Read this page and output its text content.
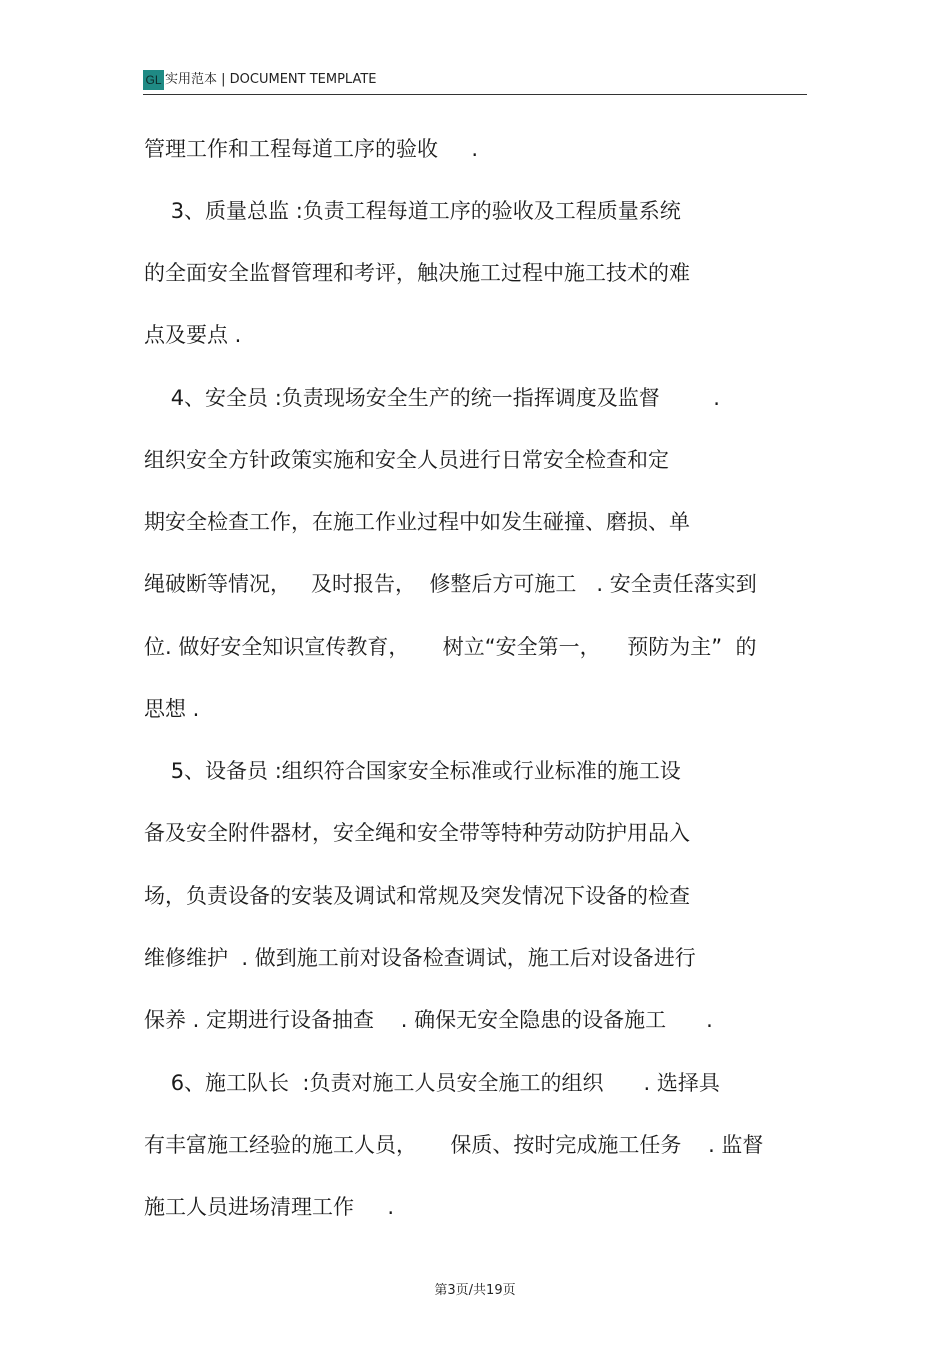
GL 实用范本 | DOCUMENT TEMPLATE
管理工作和工程每道工序的验收     .
3、质量总监 :负责工程每道工序的验收及工程质量系统
的全面安全监督管理和考评，触决施工过程中施工技术的难
点及要点 .
4、安全员 :负责现场安全生产的统一指挥调度及监督        .
组织安全方针政策实施和安全人员进行日常安全检查和定
期安全检查工作，在施工作业过程中如发生碰撞、磨损、单
绳破断等情况，   及时报告，  修整后方可施工   . 安全责任落实到
位. 做好安全知识宣传教育，     树立“安全第一，    预防为主”  的
思想 .
5、设备员 :组织符合国家安全标准或行业标准的施工设
备及安全附件器材，安全绳和安全带等特种劳动防护用品入
场，负责设备的安装及调试和常规及突发情况下设备的检查
维修维护  . 做到施工前对设备检查调试，施工后对设备进行
保养 . 定期进行设备抽查    . 确保无安全隐患的设备施工      .
6、施工队长  :负责对施工人员安全施工的组织      . 选择具
有丰富施工经验的施工人员，     保质、按时完成施工任务    . 监督
施工人员进场清理工作     .
第3页/共19页
